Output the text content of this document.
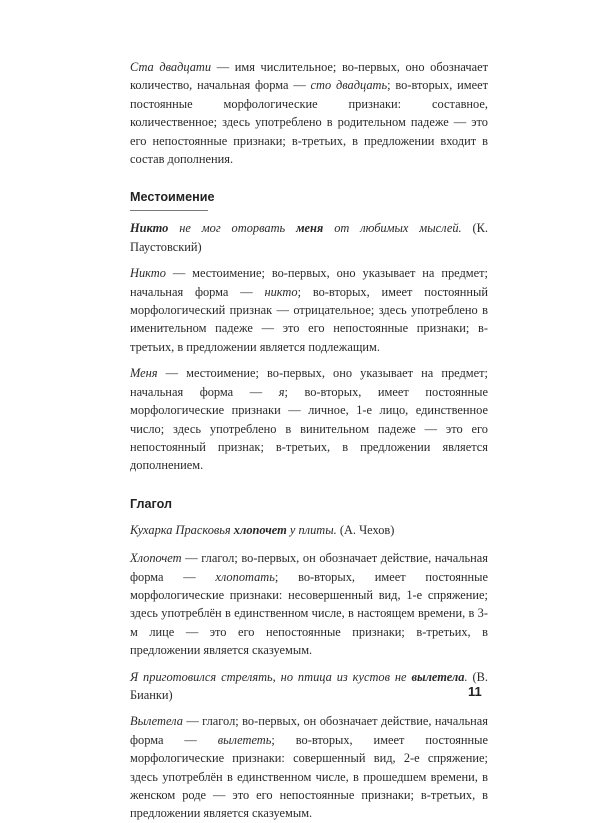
Ста двадцати — имя числительное; во-первых, оно обозначает количество, начальная форма — сто двадцать; во-вторых, имеет постоянные морфологические признаки: составное, количественное; здесь употреблено в родительном падеже — это его непостоянные признаки; в-третьих, в предложении входит в состав дополнения.

Местоимение

Никто не мог оторвать меня от любимых мыслей. (К. Паустовский)

Никто — местоимение; во-первых, оно указывает на предмет; начальная форма — никто; во-вторых, имеет постоянный морфологический признак — отрицательное; здесь употреблено в именительном падеже — это его непостоянные признаки; в-третьих, в предложении является подлежащим.

Меня — местоимение; во-первых, оно указывает на предмет; начальная форма — я; во-вторых, имеет постоянные морфологические признаки — личное, 1-е лицо, единственное число; здесь употреблено в винительном падеже — это его непостоянный признак; в-третьих, в предложении является дополнением.

Глагол

Кухарка Прасковья хлопочет у плиты. (А. Чехов)

Хлопочет — глагол; во-первых, он обозначает действие, начальная форма — хлопотать; во-вторых, имеет постоянные морфологические признаки: несовершенный вид, 1-е спряжение; здесь употреблён в единственном числе, в настоящем времени, в 3-м лице — это его непостоянные признаки; в-третьих, в предложении является сказуемым.

Я приготовился стрелять, но птица из кустов не вылетела. (В. Бианки)

Вылетела — глагол; во-первых, он обозначает действие, начальная форма — вылететь; во-вторых, имеет постоянные морфологические признаки: совершенный вид, 2-е спряжение; здесь употреблён в единственном числе, в прошедшем времени, в женском роде — это его непостоянные признаки; в-третьих, в предложении является сказуемым.

11
